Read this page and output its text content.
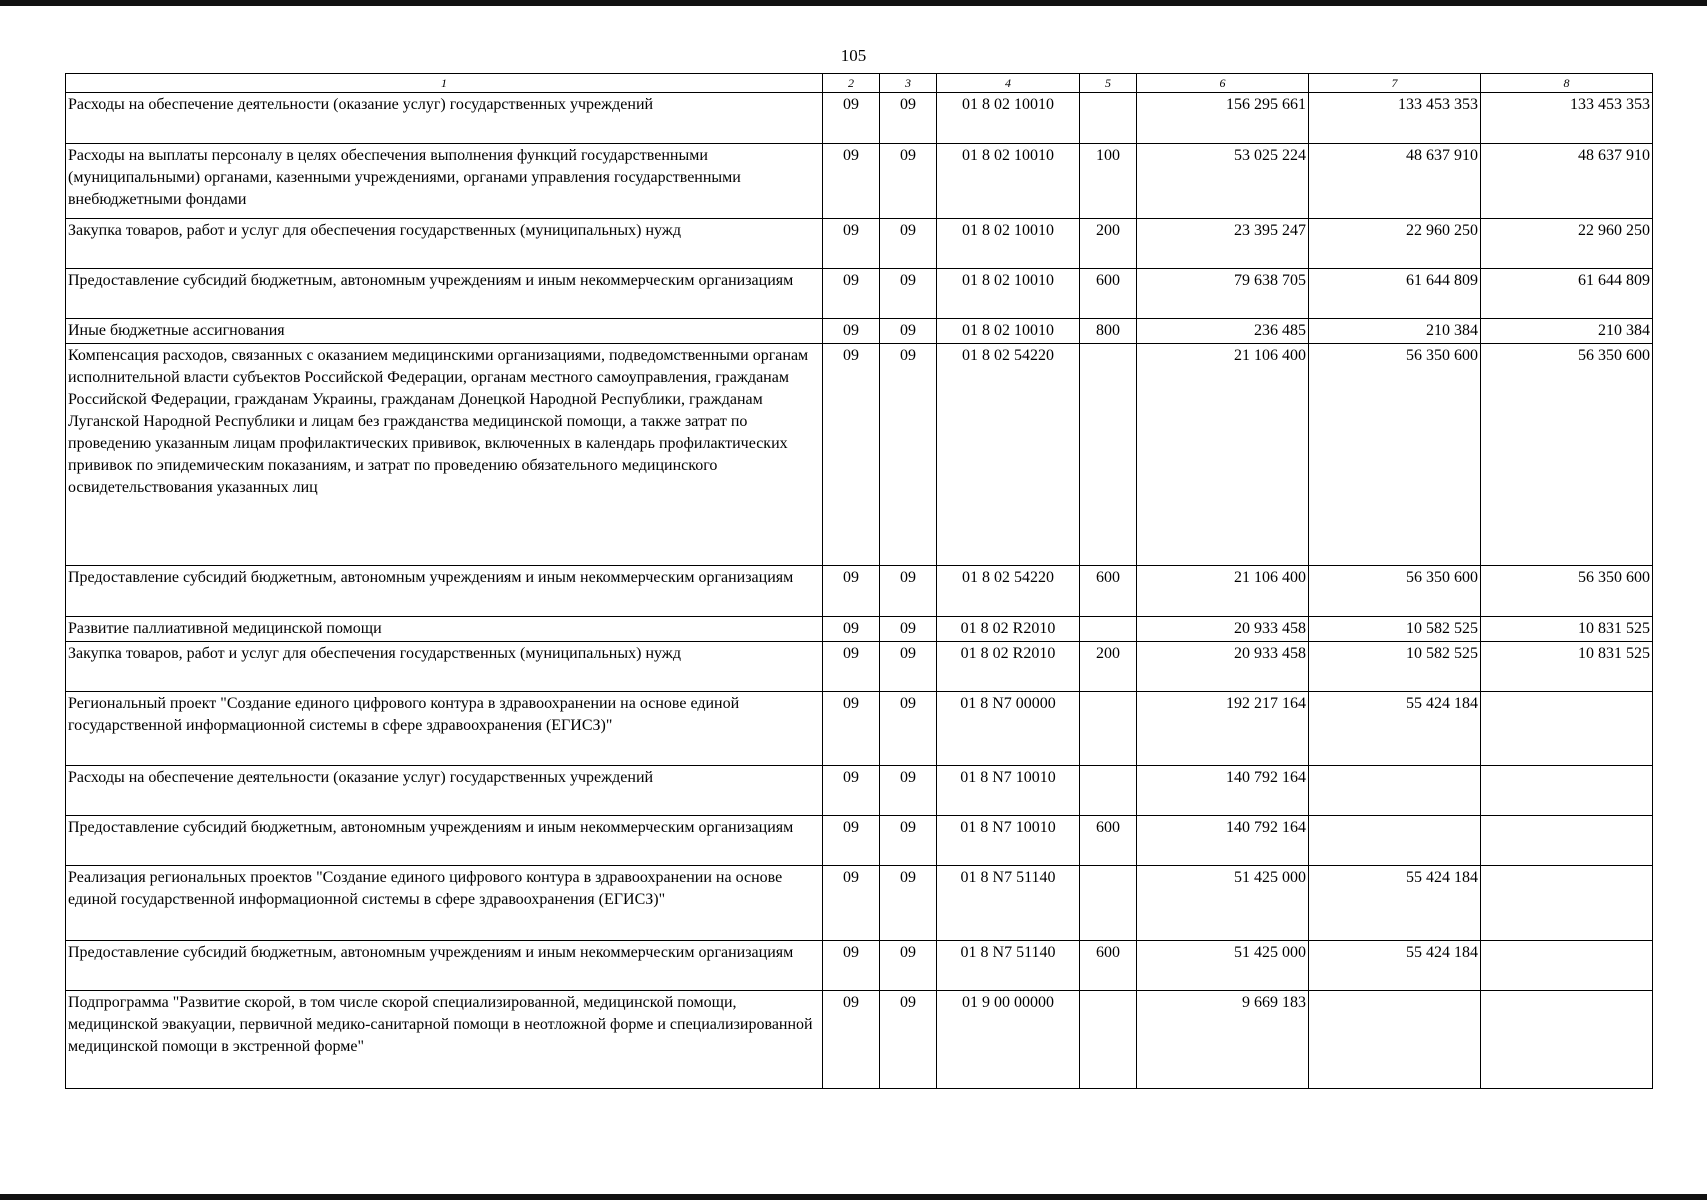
105
1	2	3	4	5	6	7	8
Расходы на обеспечение деятельности (оказание услуг) государственных учреждений	09	09	01 8 02 10010		156 295 661	133 453 353	133 453 353
Расходы на выплаты персоналу в целях обеспечения выполнения функций государственными (муниципальными) органами, казенными учреждениями, органами управления государственными внебюджетными фондами	09	09	01 8 02 10010	100	53 025 224	48 637 910	48 637 910
Закупка товаров, работ и услуг для обеспечения государственных (муниципальных) нужд	09	09	01 8 02 10010	200	23 395 247	22 960 250	22 960 250
Предоставление субсидий бюджетным, автономным учреждениям и иным некоммерческим организациям	09	09	01 8 02 10010	600	79 638 705	61 644 809	61 644 809
Иные бюджетные ассигнования	09	09	01 8 02 10010	800	236 485	210 384	210 384
Компенсация расходов, связанных с оказанием медицинскими организациями, подведомственными органам исполнительной власти субъектов Российской Федерации, органам местного самоуправления, гражданам Российской Федерации, гражданам Украины, гражданам Донецкой Народной Республики, гражданам Луганской Народной Республики и лицам без гражданства медицинской помощи, а также затрат по проведению указанным лицам профилактических прививок, включенных в календарь профилактических прививок по эпидемическим показаниям, и затрат по проведению обязательного медицинского освидетельствования указанных лиц	09	09	01 8 02 54220		21 106 400	56 350 600	56 350 600
Предоставление субсидий бюджетным, автономным учреждениям и иным некоммерческим организациям	09	09	01 8 02 54220	600	21 106 400	56 350 600	56 350 600
Развитие паллиативной медицинской помощи	09	09	01 8 02 R2010		20 933 458	10 582 525	10 831 525
Закупка товаров, работ и услуг для обеспечения государственных (муниципальных) нужд	09	09	01 8 02 R2010	200	20 933 458	10 582 525	10 831 525
Региональный проект "Создание единого цифрового контура в здравоохранении на основе единой государственной информационной системы в сфере здравоохранения (ЕГИСЗ)"	09	09	01 8 N7 00000		192 217 164	55 424 184	
Расходы на обеспечение деятельности (оказание услуг) государственных учреждений	09	09	01 8 N7 10010		140 792 164		
Предоставление субсидий бюджетным, автономным учреждениям и иным некоммерческим организациям	09	09	01 8 N7 10010	600	140 792 164		
Реализация региональных проектов "Создание единого цифрового контура в здравоохранении на основе единой государственной информационной системы в сфере здравоохранения (ЕГИСЗ)"	09	09	01 8 N7 51140		51 425 000	55 424 184	
Предоставление субсидий бюджетным, автономным учреждениям и иным некоммерческим организациям	09	09	01 8 N7 51140	600	51 425 000	55 424 184	
Подпрограмма "Развитие скорой, в том числе скорой специализированной, медицинской помощи, медицинской эвакуации, первичной медико-санитарной помощи в неотложной форме и специализированной медицинской помощи в экстренной форме"	09	09	01 9 00 00000		9 669 183		
